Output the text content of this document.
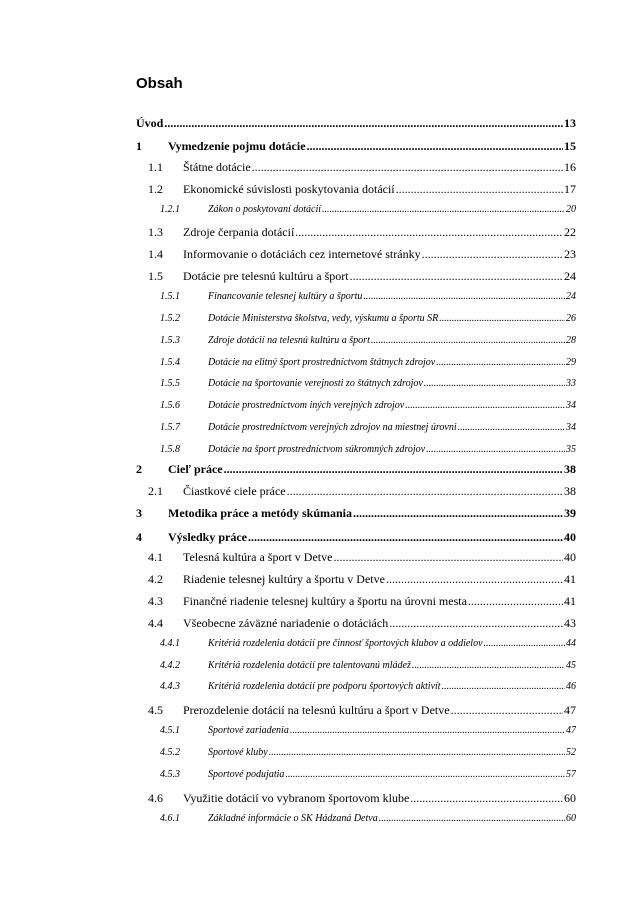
Obsah
Úvod .....	13
1	Vymedzenie pojmu dotácie .....	15
1.1	Štátne dotácie .....	16
1.2	Ekonomické súvislosti poskytovania dotácií .....	17
1.2.1	Zákon o poskytovaní dotácií .....	20
1.3	Zdroje čerpania dotácií .....	22
1.4	Informovanie o dotáciách cez internetové stránky .....	23
1.5	Dotácie pre telesnú kultúru a šport .....	24
1.5.1	Financovanie telesnej kultúry a športu .....	24
1.5.2	Dotácie Ministerstva školstva, vedy, výskumu a športu SR .....	26
1.5.3	Zdroje dotácií na telesnú kultúru a šport .....	28
1.5.4	Dotácie na elitný šport prostredníctvom štátnych zdrojov .....	29
1.5.5	Dotácie na športovanie verejnosti zo štátnych zdrojov .....	33
1.5.6	Dotácie prostredníctvom iných verejných zdrojov .....	34
1.5.7	Dotácie prostredníctvom verejných zdrojov na miestnej úrovni .....	34
1.5.8	Dotácie na šport prostredníctvom súkromných zdrojov .....	35
2	Cieľ práce .....	38
2.1	Čiastkové ciele práce .....	38
3	Metodika práce a metódy skúmania .....	39
4	Výsledky práce .....	40
4.1	Telesná kultúra a šport v Detve .....	40
4.2	Riadenie telesnej kultúry a športu v Detve .....	41
4.3	Finančné riadenie telesnej kultúry a športu na úrovni mesta .....	41
4.4	Všeobecne záväzné nariadenie o dotáciách .....	43
4.4.1	Kritériá rozdelenia dotácií pre činnosť športových klubov a oddielov .....	44
4.4.2	Kritériá rozdelenia dotácií pre talentovanú mládež .....	45
4.4.3	Kritériá rozdelenia dotácií pre podporu športových aktivít .....	46
4.5	Prerozdelenie dotácií na telesnú kultúru a šport v Detve .....	47
4.5.1	Športové zariadenia .....	47
4.5.2	Športové kluby .....	52
4.5.3	Športové podujatia .....	57
4.6	Využitie dotácií vo vybranom športovom klube .....	60
4.6.1	Základné informácie o ŠK Hádzaná Detva .....	60
